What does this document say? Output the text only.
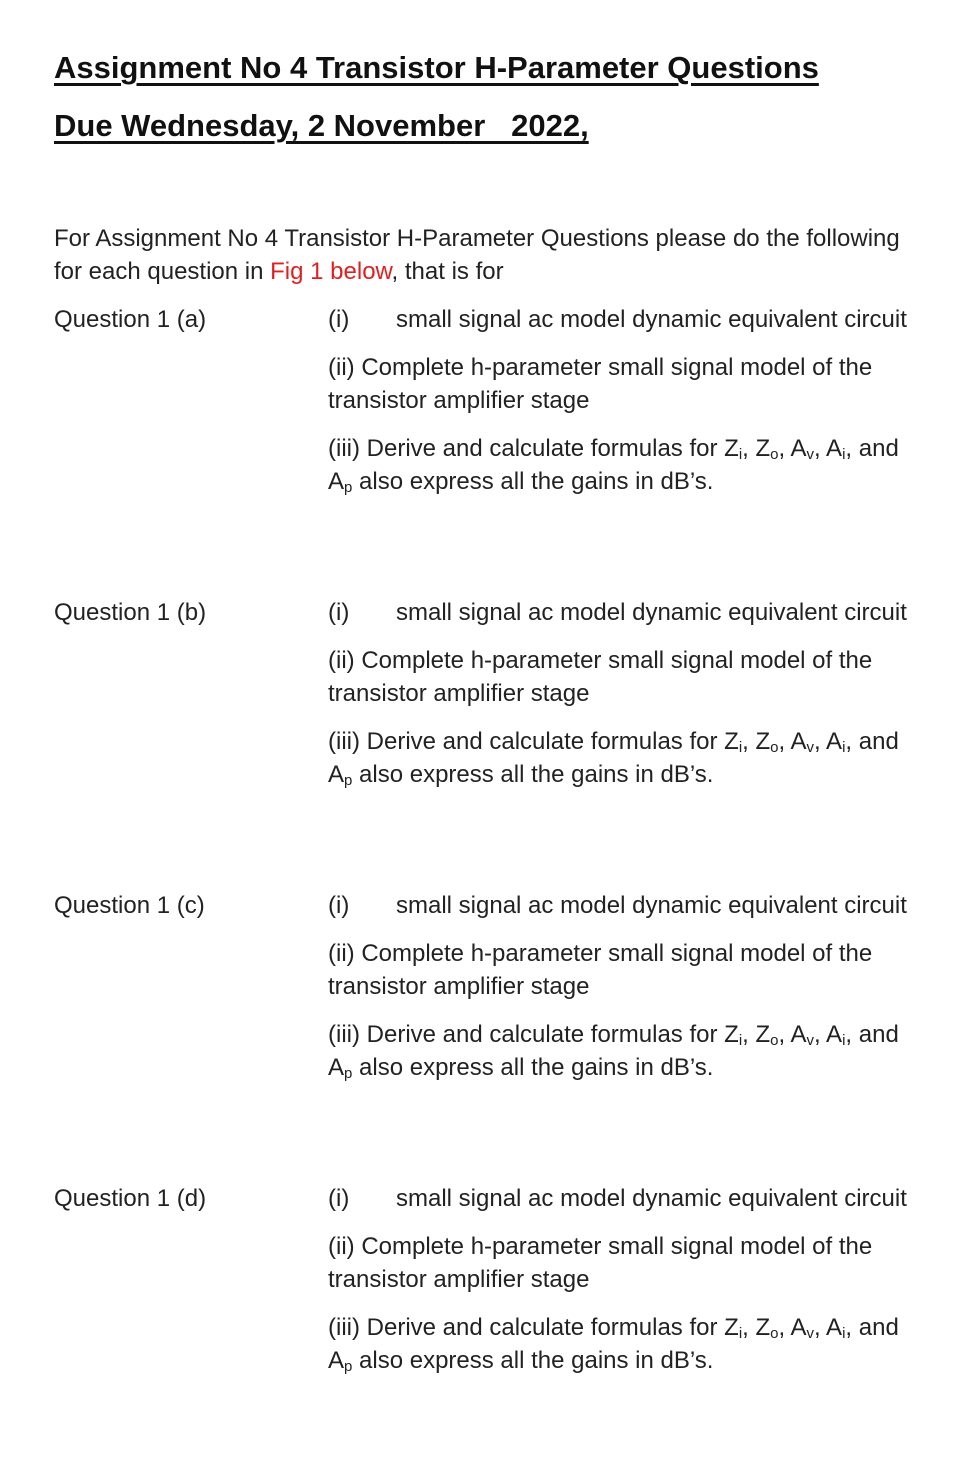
Assignment No 4 Transistor H-Parameter Questions
Due Wednesday, 2 November   2022,

For Assignment No 4 Transistor H-Parameter Questions please do the following for each question in Fig 1 below, that is for

Question 1 (a)	(i) small signal ac model dynamic equivalent circuit

(ii) Complete h-parameter small signal model of the transistor amplifier stage

(iii) Derive and calculate formulas for $Z_i$, $Z_o$, $A_v$, $A_i$, and $A_p$ also express all the gains in dB’s.

Question 1 (b)	(i) small signal ac model dynamic equivalent circuit

(ii) Complete h-parameter small signal model of the transistor amplifier stage

(iii) Derive and calculate formulas for $Z_i$, $Z_o$, $A_v$, $A_i$, and $A_p$ also express all the gains in dB’s.

Question 1 (c)	(i) small signal ac model dynamic equivalent circuit

(ii) Complete h-parameter small signal model of the transistor amplifier stage

(iii) Derive and calculate formulas for $Z_i$, $Z_o$, $A_v$, $A_i$, and $A_p$ also express all the gains in dB’s.

Question 1 (d)	(i) small signal ac model dynamic equivalent circuit

(ii) Complete h-parameter small signal model of the transistor amplifier stage

(iii) Derive and calculate formulas for $Z_i$, $Z_o$, $A_v$, $A_i$, and $A_p$ also express all the gains in dB’s.
